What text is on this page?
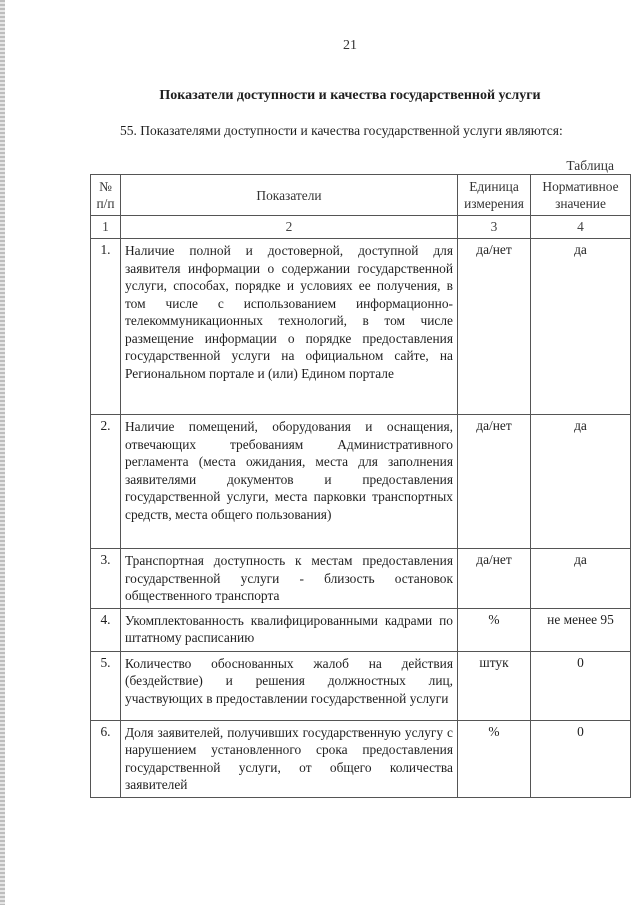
21
Показатели доступности и качества государственной услуги
55. Показателями доступности и качества государственной услуги являются:
Таблица
№ п/п	Показатели	Единица измерения	Нормативное значение
1	2	3	4
1.	Наличие полной и достоверной, доступной для заявителя информации о содержании государственной услуги, способах, порядке и условиях ее получения, в том числе с использованием информационно-телекоммуникационных технологий, в том числе размещение информации о порядке предоставления государственной услуги на официальном сайте, на Региональном портале и (или) Едином портале	да/нет	да
2.	Наличие помещений, оборудования и оснащения, отвечающих требованиям Административного регламента (места ожидания, места для заполнения заявителями документов и предоставления государственной услуги, места парковки транспортных средств, места общего пользования)	да/нет	да
3.	Транспортная доступность к местам предоставления государственной услуги - близость остановок общественного транспорта	да/нет	да
4.	Укомплектованность квалифицированными кадрами по штатному расписанию	%	не менее 95
5.	Количество обоснованных жалоб на действия (бездействие) и решения должностных лиц, участвующих в предоставлении государственной услуги	штук	0
6.	Доля заявителей, получивших государственную услугу с нарушением установленного срока предоставления государственной услуги, от общего количества заявителей	%	0
